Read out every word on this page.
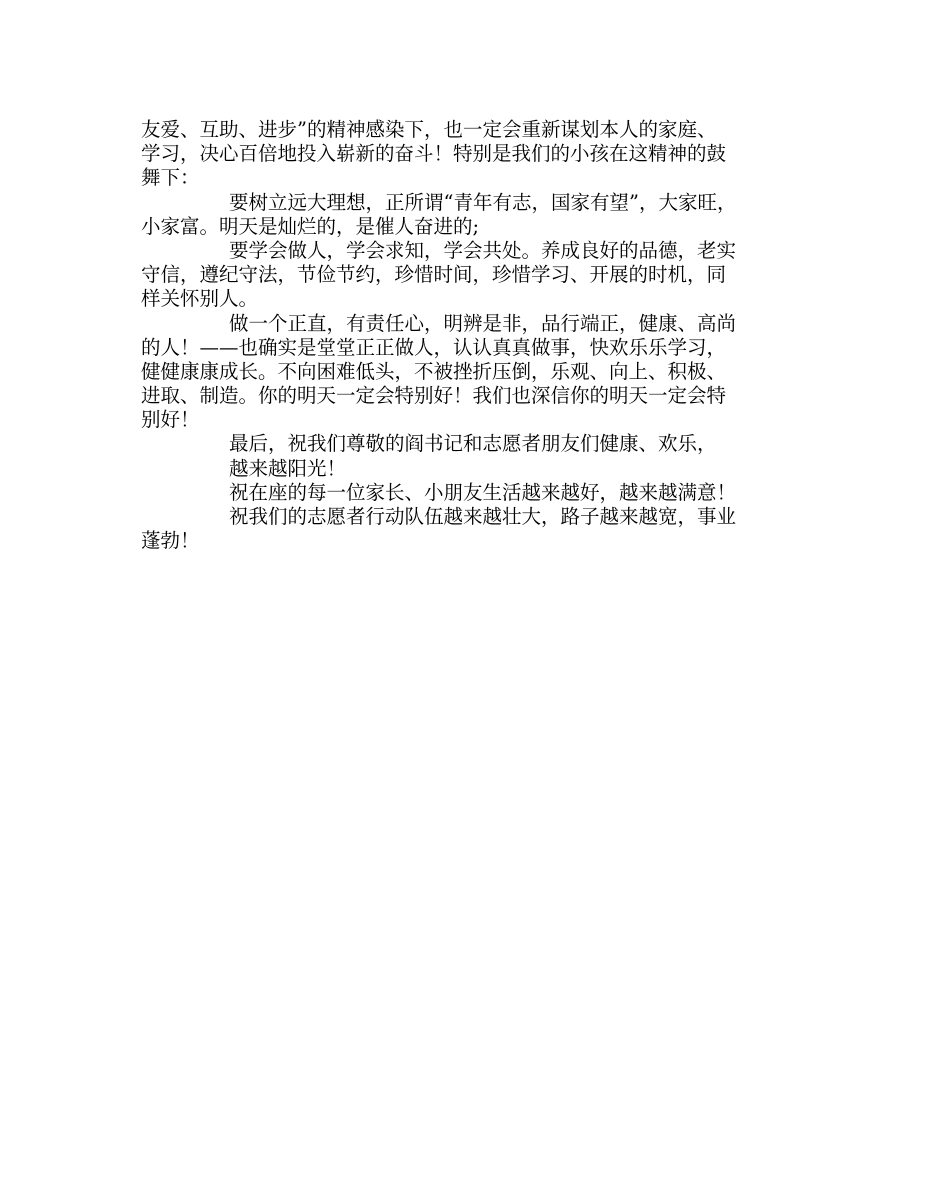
友爱、互助、进步”的精神感染下，也一定会重新谋划本人的家庭、
学习，决心百倍地投入崭新的奋斗！特别是我们的小孩在这精神的鼓
舞下：
要树立远大理想，正所谓“青年有志，国家有望”，大家旺，
小家富。明天是灿烂的，是催人奋进的;
要学会做人，学会求知，学会共处。养成良好的品德，老实
守信，遵纪守法，节俭节约，珍惜时间，珍惜学习、开展的时机，同
样关怀别人。
做一个正直，有责任心，明辨是非，品行端正，健康、高尚
的人！——也确实是堂堂正正做人，认认真真做事，快欢乐乐学习，
健健康康成长。不向困难低头，不被挫折压倒，乐观、向上、积极、
进取、制造。你的明天一定会特别好！我们也深信你的明天一定会特
别好！
最后，祝我们尊敬的阎书记和志愿者朋友们健康、欢乐，
越来越阳光！
祝在座的每一位家长、小朋友生活越来越好，越来越满意！
祝我们的志愿者行动队伍越来越壮大，路子越来越宽，事业
蓬勃！
